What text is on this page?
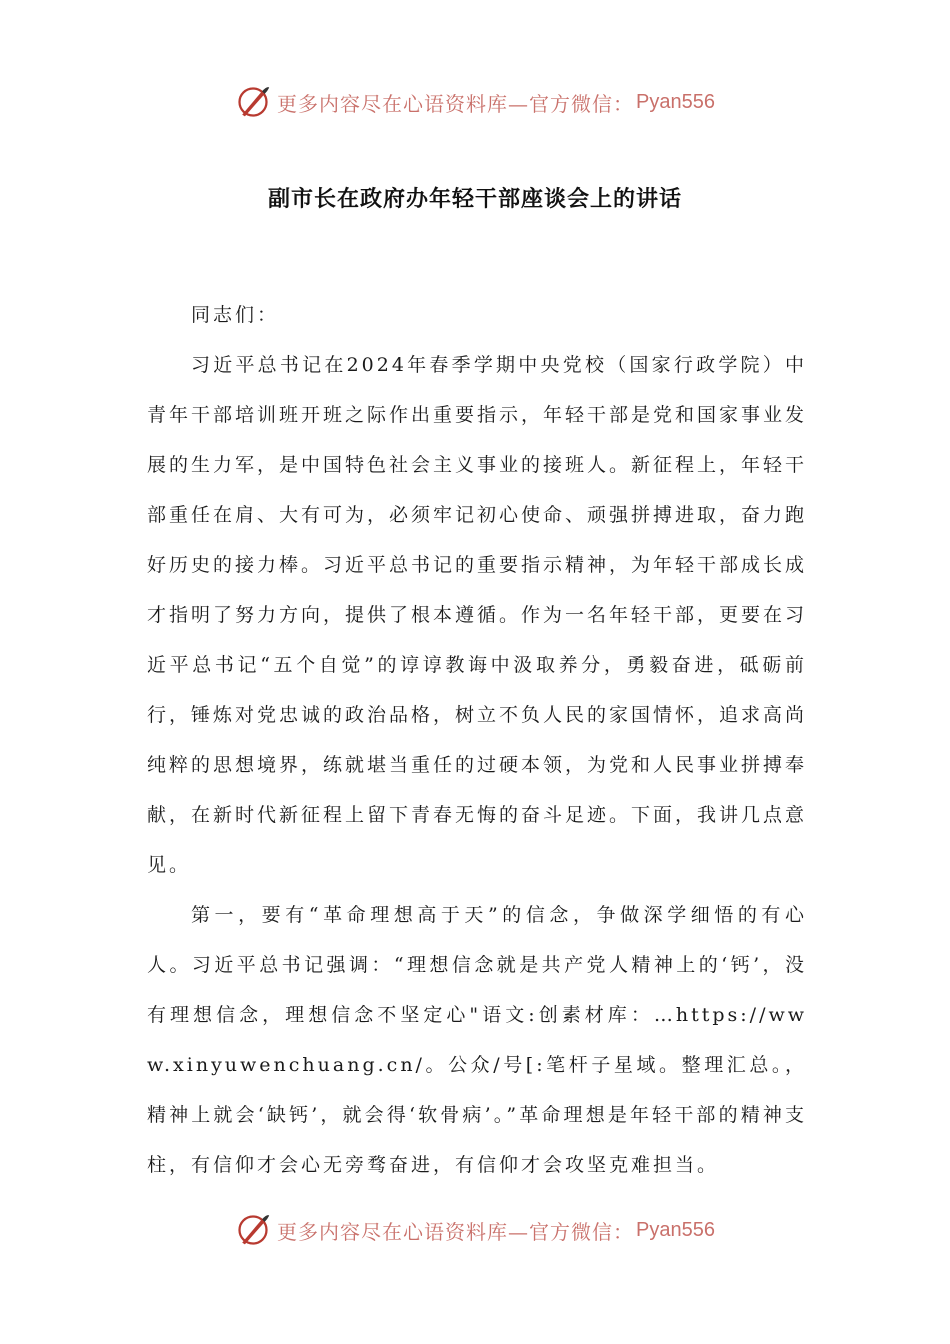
更多内容尽在心语资料库—官方微信： Pyan556
副市长在政府办年轻干部座谈会上的讲话

同志们：

习近平总书记在2024年春季学期中央党校（国家行政学院）中青年干部培训班开班之际作出重要指示，年轻干部是党和国家事业发展的生力军，是中国特色社会主义事业的接班人。新征程上，年轻干部重任在肩、大有可为，必须牢记初心使命、顽强拼搏进取，奋力跑好历史的接力棒。习近平总书记的重要指示精神，为年轻干部成长成才指明了努力方向，提供了根本遵循。作为一名年轻干部，更要在习近平总书记“五个自觉”的谆谆教诲中汲取养分，勇毅奋进，砥砺前行，锤炼对党忠诚的政治品格，树立不负人民的家国情怀，追求高尚纯粹的思想境界，练就堪当重任的过硬本领，为党和人民事业拼搏奉献，在新时代新征程上留下青春无悔的奋斗足迹。下面，我讲几点意见。

第一，要有“革命理想高于天”的信念，争做深学细悟的有心人。习近平总书记强调：“理想信念就是共产党人精神上的‘钙’，没有理想信念，理想信念不坚定心"语文:创素材库：…https://www.xinyuwenchuang.cn/。公众/号[:笔杆子星域。整理汇总。，精神上就会‘缺钙’，就会得‘软骨病’。”革命理想是年轻干部的精神支柱，有信仰才会心无旁骛奋进，有信仰才会攻坚克难担当。

更多内容尽在心语资料库—官方微信： Pyan556
